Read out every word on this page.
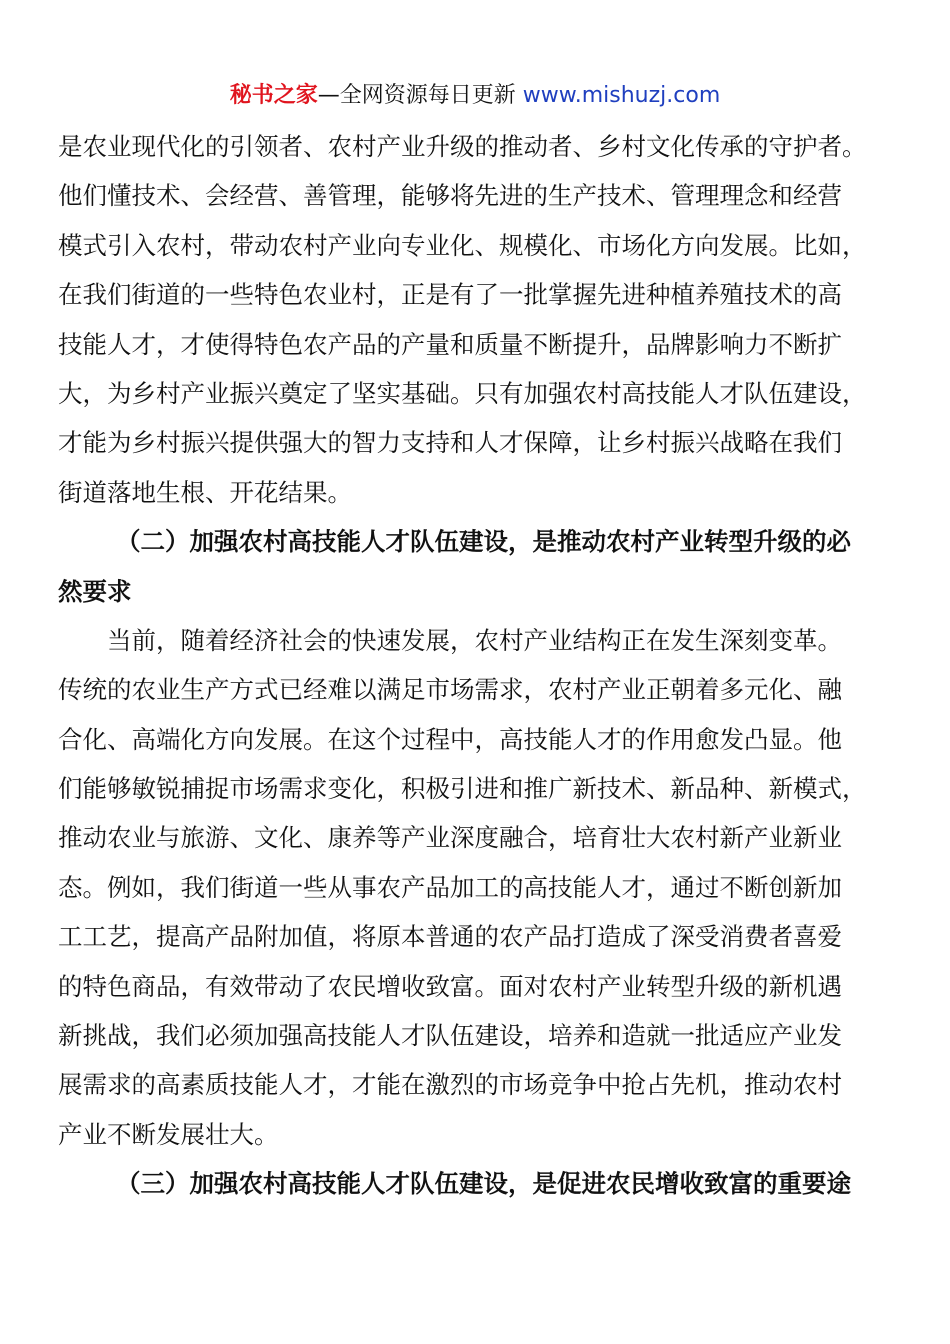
秘书之家—全网资源每日更新 www.mishuzj.com
是农业现代化的引领者、农村产业升级的推动者、乡村文化传承的守护者。
他们懂技术、会经营、善管理，能够将先进的生产技术、管理理念和经营
模式引入农村，带动农村产业向专业化、规模化、市场化方向发展。比如，
在我们街道的一些特色农业村，正是有了一批掌握先进种植养殖技术的高
技能人才，才使得特色农产品的产量和质量不断提升，品牌影响力不断扩
大，为乡村产业振兴奠定了坚实基础。只有加强农村高技能人才队伍建设，
才能为乡村振兴提供强大的智力支持和人才保障，让乡村振兴战略在我们
街道落地生根、开花结果。
（二）加强农村高技能人才队伍建设，是推动农村产业转型升级的必
然要求
当前，随着经济社会的快速发展，农村产业结构正在发生深刻变革。
传统的农业生产方式已经难以满足市场需求，农村产业正朝着多元化、融
合化、高端化方向发展。在这个过程中，高技能人才的作用愈发凸显。他
们能够敏锐捕捉市场需求变化，积极引进和推广新技术、新品种、新模式，
推动农业与旅游、文化、康养等产业深度融合，培育壮大农村新产业新业
态。例如，我们街道一些从事农产品加工的高技能人才，通过不断创新加
工工艺，提高产品附加值，将原本普通的农产品打造成了深受消费者喜爱
的特色商品，有效带动了农民增收致富。面对农村产业转型升级的新机遇
新挑战，我们必须加强高技能人才队伍建设，培养和造就一批适应产业发
展需求的高素质技能人才，才能在激烈的市场竞争中抢占先机，推动农村
产业不断发展壮大。
（三）加强农村高技能人才队伍建设，是促进农民增收致富的重要途
